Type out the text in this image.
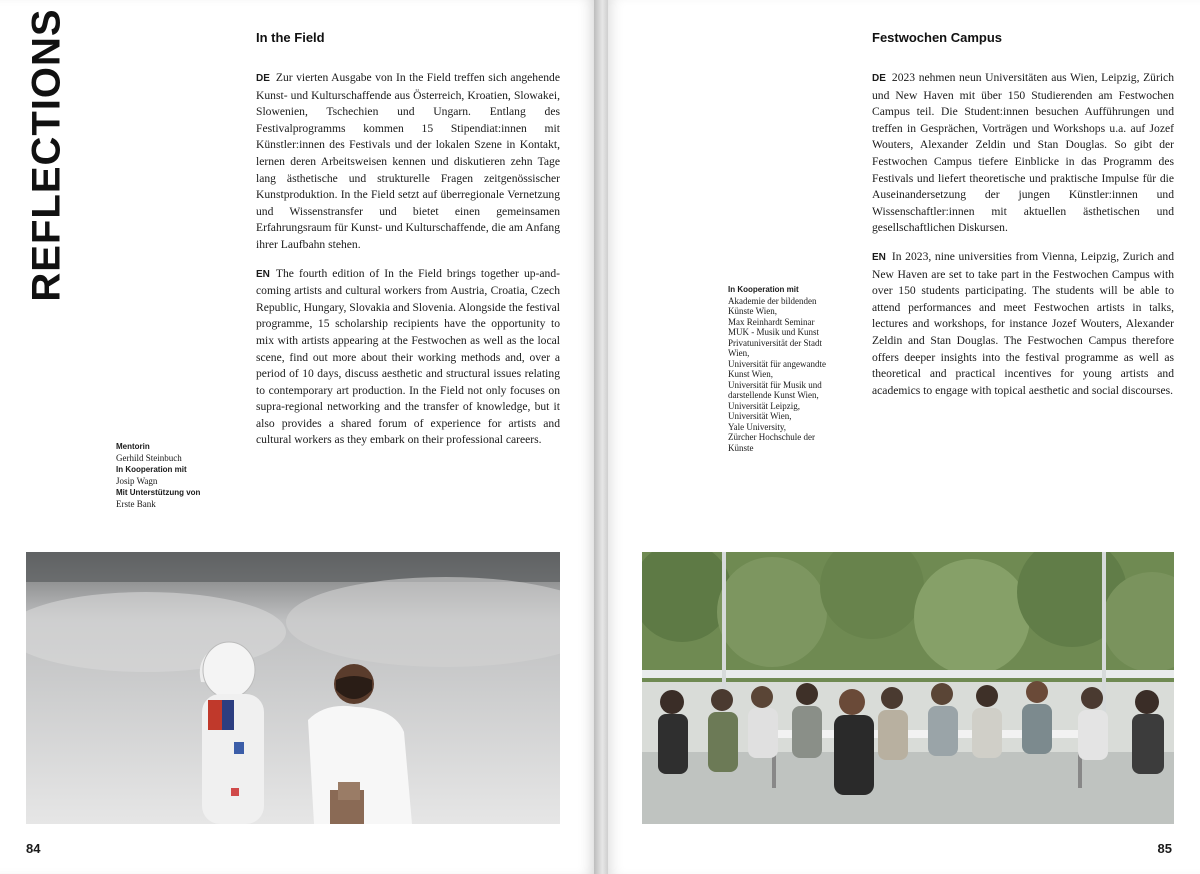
REFLECTIONS	In the Field

DE Zur vierten Ausgabe von In the Field treffen sich angehende Kunst- und Kulturschaffende aus Österreich, Kroatien, Slowakei, Slowenien, Tschechien und Ungarn. Entlang des Festivalprogramms kommen 15 Stipendiat:innen mit Künstler:innen des Festivals und der lokalen Szene in Kontakt, lernen deren Arbeitsweisen kennen und diskutieren zehn Tage lang ästhetische und strukturelle Fragen zeitgenössischer Kunstproduktion. In the Field setzt auf überregionale Vernetzung und Wissenstransfer und bietet einen gemeinsamen Erfahrungsraum für Kunst- und Kulturschaffende, die am Anfang ihrer Laufbahn stehen.

EN The fourth edition of In the Field brings together up-and-coming artists and cultural workers from Austria, Croatia, Czech Republic, Hungary, Slovakia and Slovenia. Alongside the festival programme, 15 scholarship recipients have the opportunity to mix with artists appearing at the Festwochen as well as the local scene, find out more about their working methods and, over a period of 10 days, discuss aesthetic and structural issues relating to contemporary art production. In the Field not only focuses on supra-regional networking and the transfer of knowledge, but it also provides a shared forum of experience for artists and cultural workers as they embark on their professional careers.

Mentorin
Gerhild Steinbuch
In Kooperation mit
Josip Wagn
Mit Unterstützung von
Erste Bank
84
Festwochen Campus

DE 2023 nehmen neun Universitäten aus Wien, Leipzig, Zürich und New Haven mit über 150 Studierenden am Festwochen Campus teil. Die Student:innen besuchen Aufführungen und treffen in Gesprächen, Vorträgen und Workshops u.a. auf Jozef Wouters, Alexander Zeldin und Stan Douglas. So gibt der Festwochen Campus tiefere Einblicke in das Programm des Festivals und liefert theoretische und praktische Impulse für die Auseinandersetzung der jungen Künstler:innen und Wissenschaftler:innen mit aktuellen ästhetischen und gesellschaftlichen Diskursen.

EN In 2023, nine universities from Vienna, Leipzig, Zurich and New Haven are set to take part in the Festwochen Campus with over 150 students participating. The students will be able to attend performances and meet Festwochen artists in talks, lectures and workshops, for instance Jozef Wouters, Alexander Zeldin and Stan Douglas. The Festwochen Campus therefore offers deeper insights into the festival programme as well as theoretical and practical incentives for young artists and academics to engage with topical aesthetic and social discourses.

In Kooperation mit
Akademie der bildenden
Künste Wien,
Max Reinhardt Seminar
MUK - Musik und Kunst
Privatuniversität der Stadt
Wien,
Universität für angewandte
Kunst Wien,
Universität für Musik und
darstellende Kunst Wien,
Universität Leipzig,
Universität Wien,
Yale University,
Zürcher Hochschule der
Künste
85
